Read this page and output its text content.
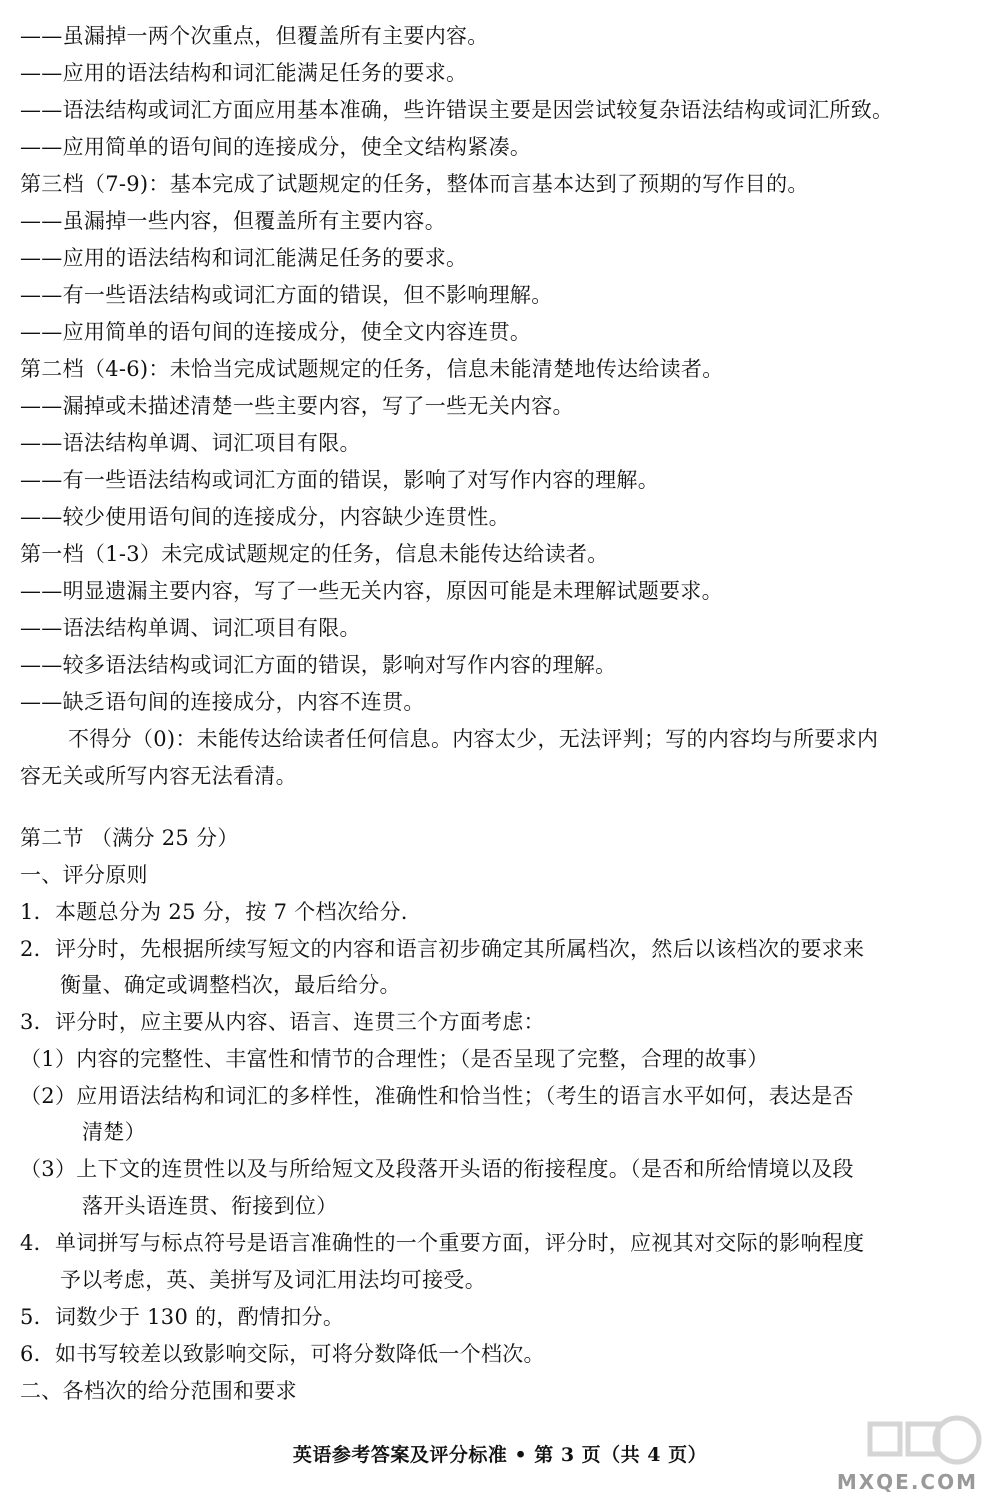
——虽漏掉一两个次重点，但覆盖所有主要内容。
——应用的语法结构和词汇能满足任务的要求。
——语法结构或词汇方面应用基本准确，些许错误主要是因尝试较复杂语法结构或词汇所致。
——应用简单的语句间的连接成分，使全文结构紧凑。
第三档（7-9)：基本完成了试题规定的任务，整体而言基本达到了预期的写作目的。
——虽漏掉一些内容，但覆盖所有主要内容。
——应用的语法结构和词汇能满足任务的要求。
——有一些语法结构或词汇方面的错误，但不影响理解。
——应用简单的语句间的连接成分，使全文内容连贯。
第二档（4-6)：未恰当完成试题规定的任务，信息未能清楚地传达给读者。
——漏掉或未描述清楚一些主要内容，写了一些无关内容。
——语法结构单调、词汇项目有限。
——有一些语法结构或词汇方面的错误，影响了对写作内容的理解。
——较少使用语句间的连接成分，内容缺少连贯性。
第一档（1-3）未完成试题规定的任务，信息未能传达给读者。
——明显遗漏主要内容，写了一些无关内容，原因可能是未理解试题要求。
——语法结构单调、词汇项目有限。
——较多语法结构或词汇方面的错误，影响对写作内容的理解。
——缺乏语句间的连接成分，内容不连贯。
不得分（0)：未能传达给读者任何信息。内容太少，无法评判；写的内容均与所要求内
容无关或所写内容无法看清。
第二节 （满分 25 分）
一、评分原则
1．本题总分为 25 分，按 7 个档次给分.
2．评分时，先根据所续写短文的内容和语言初步确定其所属档次，然后以该档次的要求来
衡量、确定或调整档次，最后给分。
3．评分时，应主要从内容、语言、连贯三个方面考虑：
（1）内容的完整性、丰富性和情节的合理性；（是否呈现了完整，合理的故事）
（2）应用语法结构和词汇的多样性，准确性和恰当性；（考生的语言水平如何，表达是否
清楚）
（3）上下文的连贯性以及与所给短文及段落开头语的衔接程度。（是否和所给情境以及段
落开头语连贯、衔接到位）
4．单词拼写与标点符号是语言准确性的一个重要方面，评分时，应视其对交际的影响程度
予以考虑，英、美拼写及词汇用法均可接受。
5．词数少于 130 的，酌情扣分。
6．如书写较差以致影响交际，可将分数降低一个档次。
二、各档次的给分范围和要求
英语参考答案及评分标准 • 第 3 页（共 4 页）
MXQE.COM
